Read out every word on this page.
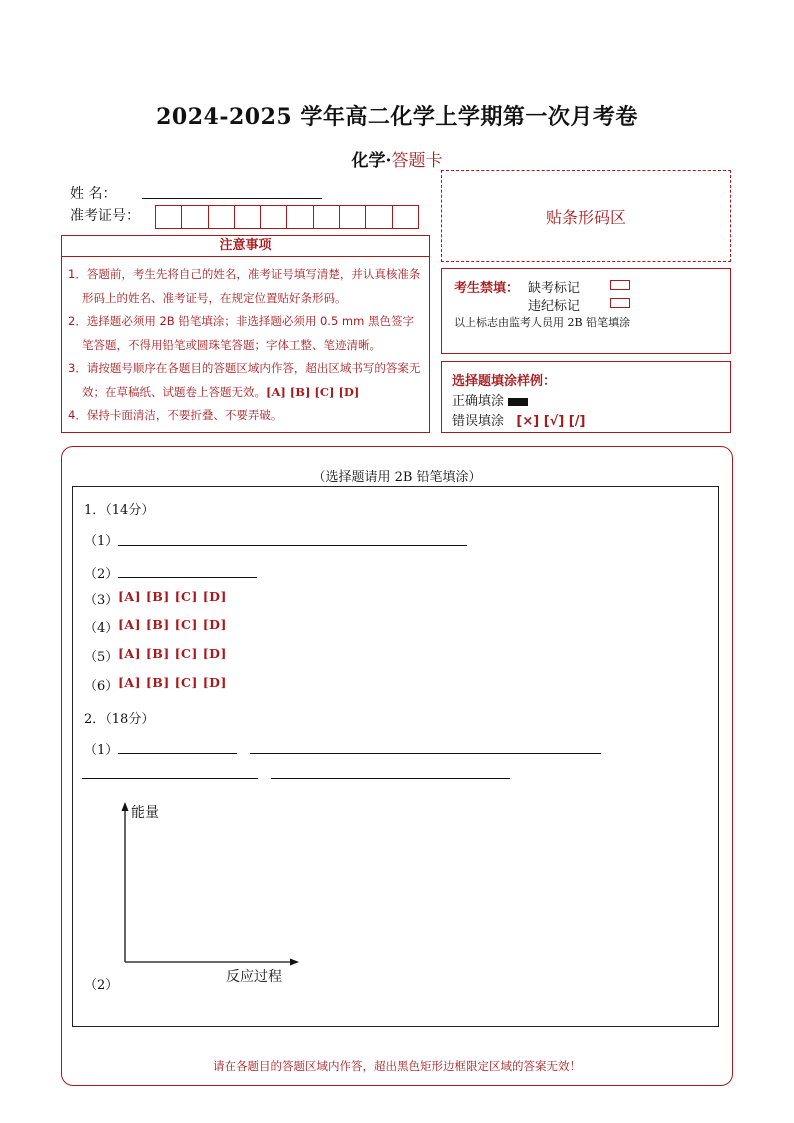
2024-2025 学年高二化学上学期第一次月考卷
化学·答题卡
姓 名：
准考证号：	贴条形码区
注意事项
1．答题前，考生先将自己的姓名，准考证号填写清楚，并认真核准条形码上的姓名、准考证号，在规定位置贴好条形码。
2．选择题必须用 2B 铅笔填涂；非选择题必须用 0.5 mm 黑色签字笔答题，不得用铅笔或圆珠笔答题；字体工整、笔迹清晰。
3．请按题号顺序在各题目的答题区域内作答，超出区域书写的答案无效；在草稿纸、试题卷上答题无效。[A] [B] [C] [D]
4．保持卡面清洁，不要折叠、不要弄破。
考生禁填： 缺考标记
违纪标记
以上标志由监考人员用 2B 铅笔填涂
选择题填涂样例：
正确填涂
错误填涂 [×] [√] [/]
（选择题请用 2B 铅笔填涂）
1．（14分）
（1）
（2）
（3） [A] [B] [C] [D]
（4） [A] [B] [C] [D]
（5） [A] [B] [C] [D]
（6） [A] [B] [C] [D]
2．（18分）
（1）
能量
反应过程
（2）
请在各题目的答题区域内作答，超出黑色矩形边框限定区域的答案无效！
